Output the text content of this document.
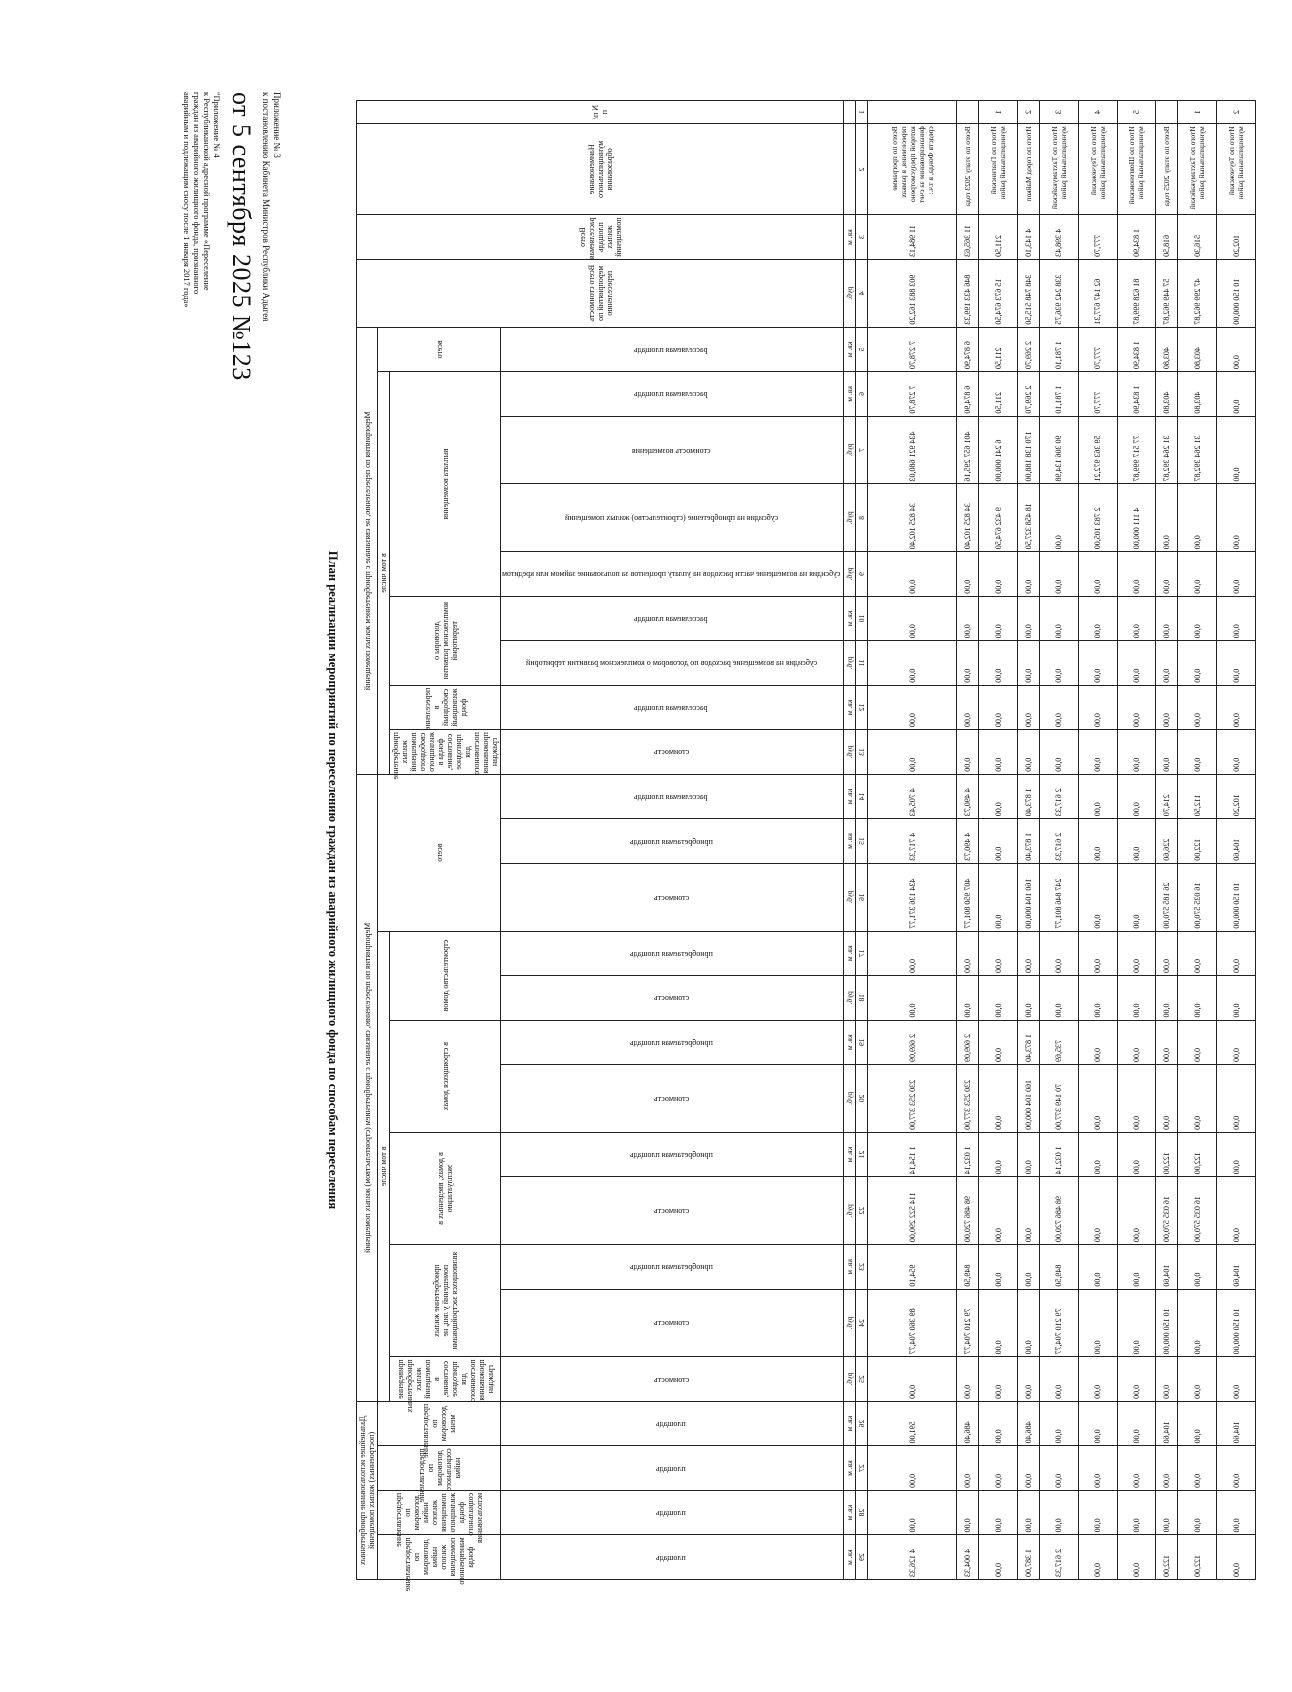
Приложение № 3
к постановлению Кабинета Министров Республики Адыгея
от 5 сентября 2025 №123
"Приложение № 4
к Республиканской адресной программе «Переселение
граждан из аварийного жилищного фонда, признанного
аварийным и подлежащим сносу после 1 января 2017 года»
План реализации мероприятий по переселению граждан из аварийного жилищного фонда по способам переселения
N п/п	Наименование муниципального образования	Всего расселяемая площадь жилых помещений	Всего стоимость мероприятий по переселению	Мероприятия по переселению, не связанные с приобретением жилых помещений									Мероприятия по переселению, связанные с приобретением (строительством) жилых помещений												Дальнейшее использование приобретенных (построенных) жилых помещений			
				всего	в том числе								всего			в том числе									предоставление по договорам мены	предоставление по договорам социального найма	предоставление по договорам найма жилого помещения жилищного фонда социального использования	предоставление по договорам найма жилого помещения маневренного фонда
					выплата возмещения				договоры о комплексном развитии территорий		переселение в свободный жилищный фонд	приобретение жилых помещений свободного жилищного фонда в состояние, пригодное для постоянного проживания граждан				строительство домов		в строящихся домах		в домах, введенных в эксплуатацию		приобретение жилых помещений у лиц, не являющихся застройщиками		приведение приобретенных жилых помещений в состояние, пригодное для постоянного проживания граждан				
				расселяемая площадь	расселяемая площадь	стоимость возмещения	субсидия на приобретение (строительство) жилых помещений	субсидия на возмещение части расходов на уплату процентов за пользование займом или кредитом	расселяемая площадь	субсидия на возмещение расходов по договорам о комплексном развитии территорий	расселяемая площадь	стоимость	расселяемая площадь	приобретаемая площадь	стоимость	приобретаемая площадь	стоимость	приобретаемая площадь	стоимость	приобретаемая площадь	стоимость	приобретаемая площадь	стоимость	стоимость	площадь	площадь	площадь	площадь
		кв. м	руб.	кв. м	кв. м	руб.	руб.	руб.	кв. м	руб.	кв. м	руб.	кв. м	кв. м	руб.	кв. м	руб.	кв. м	руб.	кв. м	руб.	кв. м	руб.	руб.	кв. м	кв. м	кв. м	кв. м
1	2	3	4	5	6	7	8	9	10	11	12	13	14	15	16	17	18	19	20	21	22	23	24	25	26	27	28	29
	Всего по программе переселения, в рамках которой предусмотрено финансирование за счет средств Фонда, в т.ч.:	11 984,13	903 883 162,20	7 278,70	7 278,70	434 921 680,03	34 825 102,40	0,00	0,00	0,00	0,00	0,00	4 705,43	4 717,33	434 136 371,77	0,00	0,00	2 669,09	230 253 377,00	1 154,14	114 522 290,00	954,10	89 360 704,77	0,00	591,00	0,00	0,00	4 126,33
	Всего по этапу 2023 года	11 365,63	846 433 199,33	6 874,90	6 874,90	401 657 295,16	34 825 102,40	0,00	0,00	0,00	0,00	0,00	4 490,73	4 490,73	407 950 801,77	0,00	0,00	2 609,09	230 253 377,00	1 032,14	98 486 720,00	849,50	79 210 704,77	0,00	486,40	0,00	0,00	4 004,33
1	Итого по Гиагинский муниципальный район	211,50	15 673 674,50	211,50	211,50	6 241 000,00	9 432 674,50	0,00	0,00	0,00	0,00	0,00	0,00	0,00	0,00	0,00	0,00	0,00	0,00	0,00	0,00	0,00	0,00	0,00	0,00	0,00	0,00	0,00
2	Итого по город Майкоп	4 143,10	348 748 515,50	2 269,70	2 269,70	170 138 188,00	18 458 327,50	0,00	0,00	0,00	0,00	0,00	1 873,40	1 873,40	160 104 000,00	0,00	0,00	1 873,40	160 104 000,00	0,00	0,00	0,00	0,00	0,00	486,40	0,00	0,00	1 387,00
3	Итого по Тахтамукайский муниципальный район	4 398,43	338 242 936,75	1 781,10	1 781,10	90 306 134,98	0,00	0,00	0,00	0,00	0,00	0,00	2 617,33	2 617,33	247 846 801,77	0,00	0,00	735,69	70 149 377,00	1 032,14	98 486 720,00	849,50	79 210 704,77	0,00	0,00	0,00	0,00	2 617,33
4	Итого по Теучежский муниципальный район	777,70	62 147 677,31	777,70	777,70	59 363 972,21	2 783 105,00	0,00	0,00	0,00	0,00	0,00	0,00	0,00	0,00	0,00	0,00	0,00	0,00	0,00	0,00	0,00	0,00	0,00	0,00	0,00	0,00	0,00
5	Итого по Шовгеновский муниципальный район	1 834,90	81 628 999,87	1 834,90	1 834,90	77 517 999,87	4 111 000,00	0,00	0,00	0,00	0,00	0,00	0,00	0,00	0,00	0,00	0,00	0,00	0,00	0,00	0,00	0,00	0,00	0,00	0,00	0,00	0,00	0,00
	Всего по этапу 2025 года	618,50	57 449 962,87	403,80	403,80	31 264 392,87	0,00	0,00	0,00	0,00	0,00	0,00	214,70	226,60	26 185 570,00	0,00	0,00	0,00	0,00	122,00	16 035 570,00	104,60	10 150 000,00	0,00	104,60	0,00	0,00	122,00
1	Итого по Тахтамукайский муниципальный район	516,30	47 299 962,87	403,80	403,80	31 264 392,87	0,00	0,00	0,00	0,00	0,00	0,00	112,50	122,00	16 035 570,00	0,00	0,00	0,00	0,00	122,00	16 035 570,00	0,00	0,00	0,00	0,00	0,00	0,00	122,00
2	Итого по Теучежский муниципальный район	102,20	10 150 000,00	0,00	0,00	0,00	0,00	0,00	0,00	0,00	0,00	0,00	102,20	104,60	10 150 000,00	0,00	0,00	0,00	0,00	0,00	0,00	104,60	10 150 000,00	0,00	104,60	0,00	0,00	0,00
